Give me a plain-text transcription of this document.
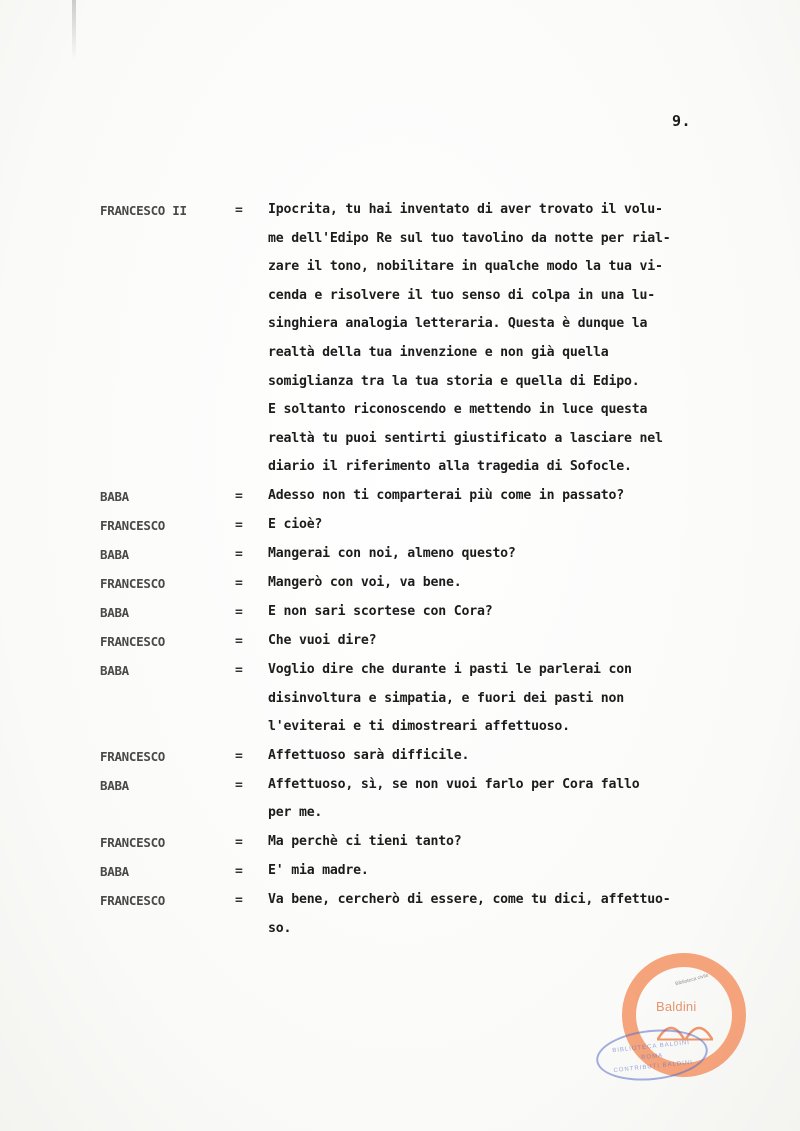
9.
FRANCESCO II	=	Ipocrita, tu hai inventato di aver trovato il volu-
me dell'Edipo Re sul tuo tavolino da notte per rial-
zare il tono, nobilitare in qualche modo la tua vi-
cenda e risolvere il tuo senso di colpa in una lu-
singhiera analogia letteraria. Questa è dunque la
realtà della tua invenzione e non già quella
somiglianza tra la tua storia e quella di Edipo.
E soltanto riconoscendo e mettendo in luce questa
realtà tu puoi sentirti giustificato a lasciare nel
diario il riferimento alla tragedia di Sofocle.
BABA	=	Adesso non ti comparterai più come in passato?
FRANCESCO	=	E cioè?
BABA	=	Mangerai con noi, almeno questo?
FRANCESCO	=	Mangerò con voi, va bene.
BABA	=	E non sari scortese con Cora?
FRANCESCO	=	Che vuoi dire?
BABA	=	Voglio dire che durante i pasti le parlerai con
disinvoltura e simpatia, e fuori dei pasti non
l'eviterai e ti dimostreari affettuoso.
FRANCESCO	=	Affettuoso sarà difficile.
BABA	=	Affettuoso, sì, se non vuoi farlo per Cora fallo
per me.
FRANCESCO	=	Ma perchè ci tieni tanto?
BABA	=	E' mia madre.
FRANCESCO	=	Va bene, cercherò di essere, come tu dici, affettuo-
so.
Biblioteca civile
Baldini
BIBLIOTECA BALDINI
ROMA
CONTRIBUTI BALDINI
